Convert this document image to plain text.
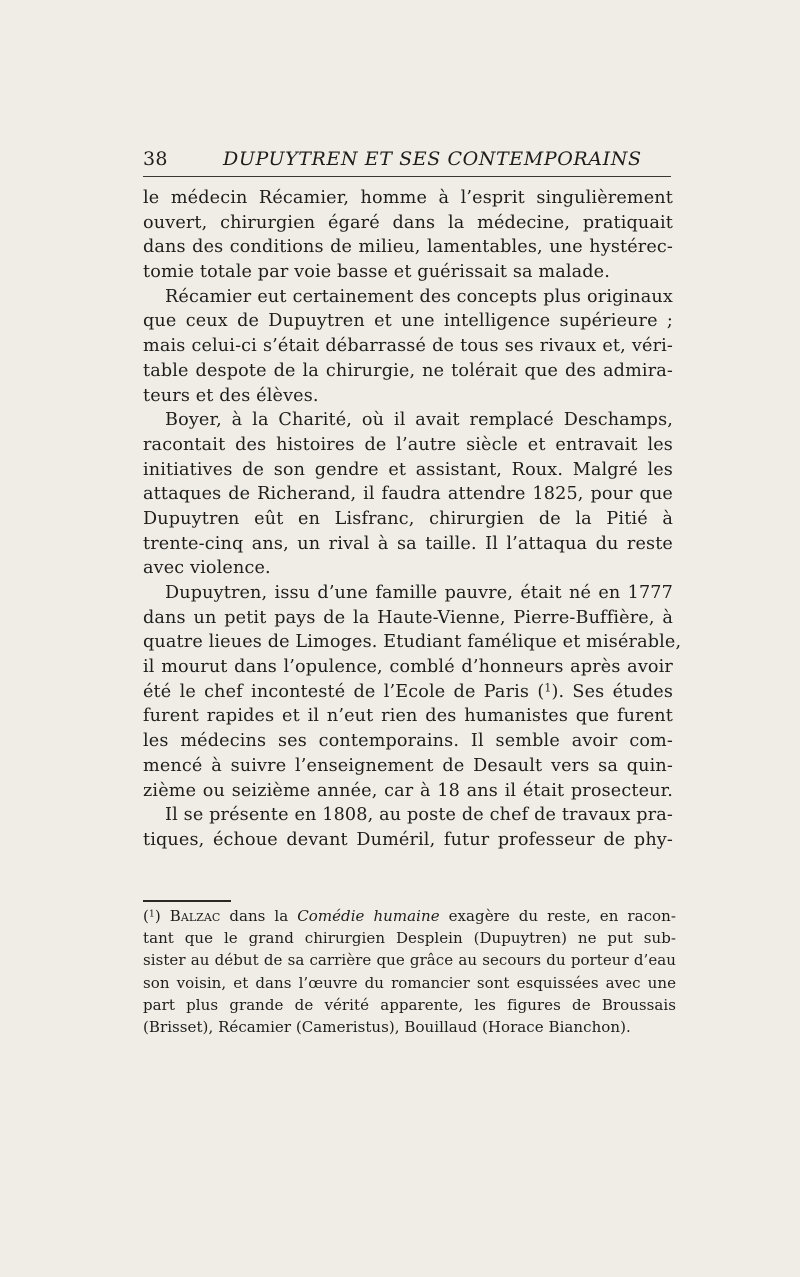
38	DUPUYTREN ET SES CONTEMPORAINS
le médecin Récamier, homme à l’esprit singulièrement
ouvert, chirurgien égaré dans la médecine, pratiquait
dans des conditions de milieu, lamentables, une hystérec-
tomie totale par voie basse et guérissait sa malade.
Récamier eut certainement des concepts plus originaux
que ceux de Dupuytren et une intelligence supérieure ;
mais celui-ci s’était débarrassé de tous ses rivaux et, véri-
table despote de la chirurgie, ne tolérait que des admira-
teurs et des élèves.
Boyer, à la Charité, où il avait remplacé Deschamps,
racontait des histoires de l’autre siècle et entravait les
initiatives de son gendre et assistant, Roux. Malgré les
attaques de Richerand, il faudra attendre 1825, pour que
Dupuytren eût en Lisfranc, chirurgien de la Pitié à
trente-cinq ans, un rival à sa taille. Il l’attaqua du reste
avec violence.
Dupuytren, issu d’une famille pauvre, était né en 1777
dans un petit pays de la Haute-Vienne, Pierre-Buffière, à
quatre lieues de Limoges. Etudiant famélique et misérable,
il mourut dans l’opulence, comblé d’honneurs après avoir
été le chef incontesté de l’Ecole de Paris ($^1$). Ses études
furent rapides et il n’eut rien des humanistes que furent
les médecins ses contemporains. Il semble avoir com-
mencé à suivre l’enseignement de Desault vers sa quin-
zième ou seizième année, car à 18 ans il était prosecteur.
Il se présente en 1808, au poste de chef de travaux pra-
tiques, échoue devant Duméril, futur professeur de phy-
($^1$) Balzac dans la Comédie humaine exagère du reste, en racon-
tant que le grand chirurgien Desplein (Dupuytren) ne put sub-
sister au début de sa carrière que grâce au secours du porteur d’eau
son voisin, et dans l’œuvre du romancier sont esquissées avec une
part plus grande de vérité apparente, les figures de Broussais
(Brisset), Récamier (Cameristus), Bouillaud (Horace Bianchon).
